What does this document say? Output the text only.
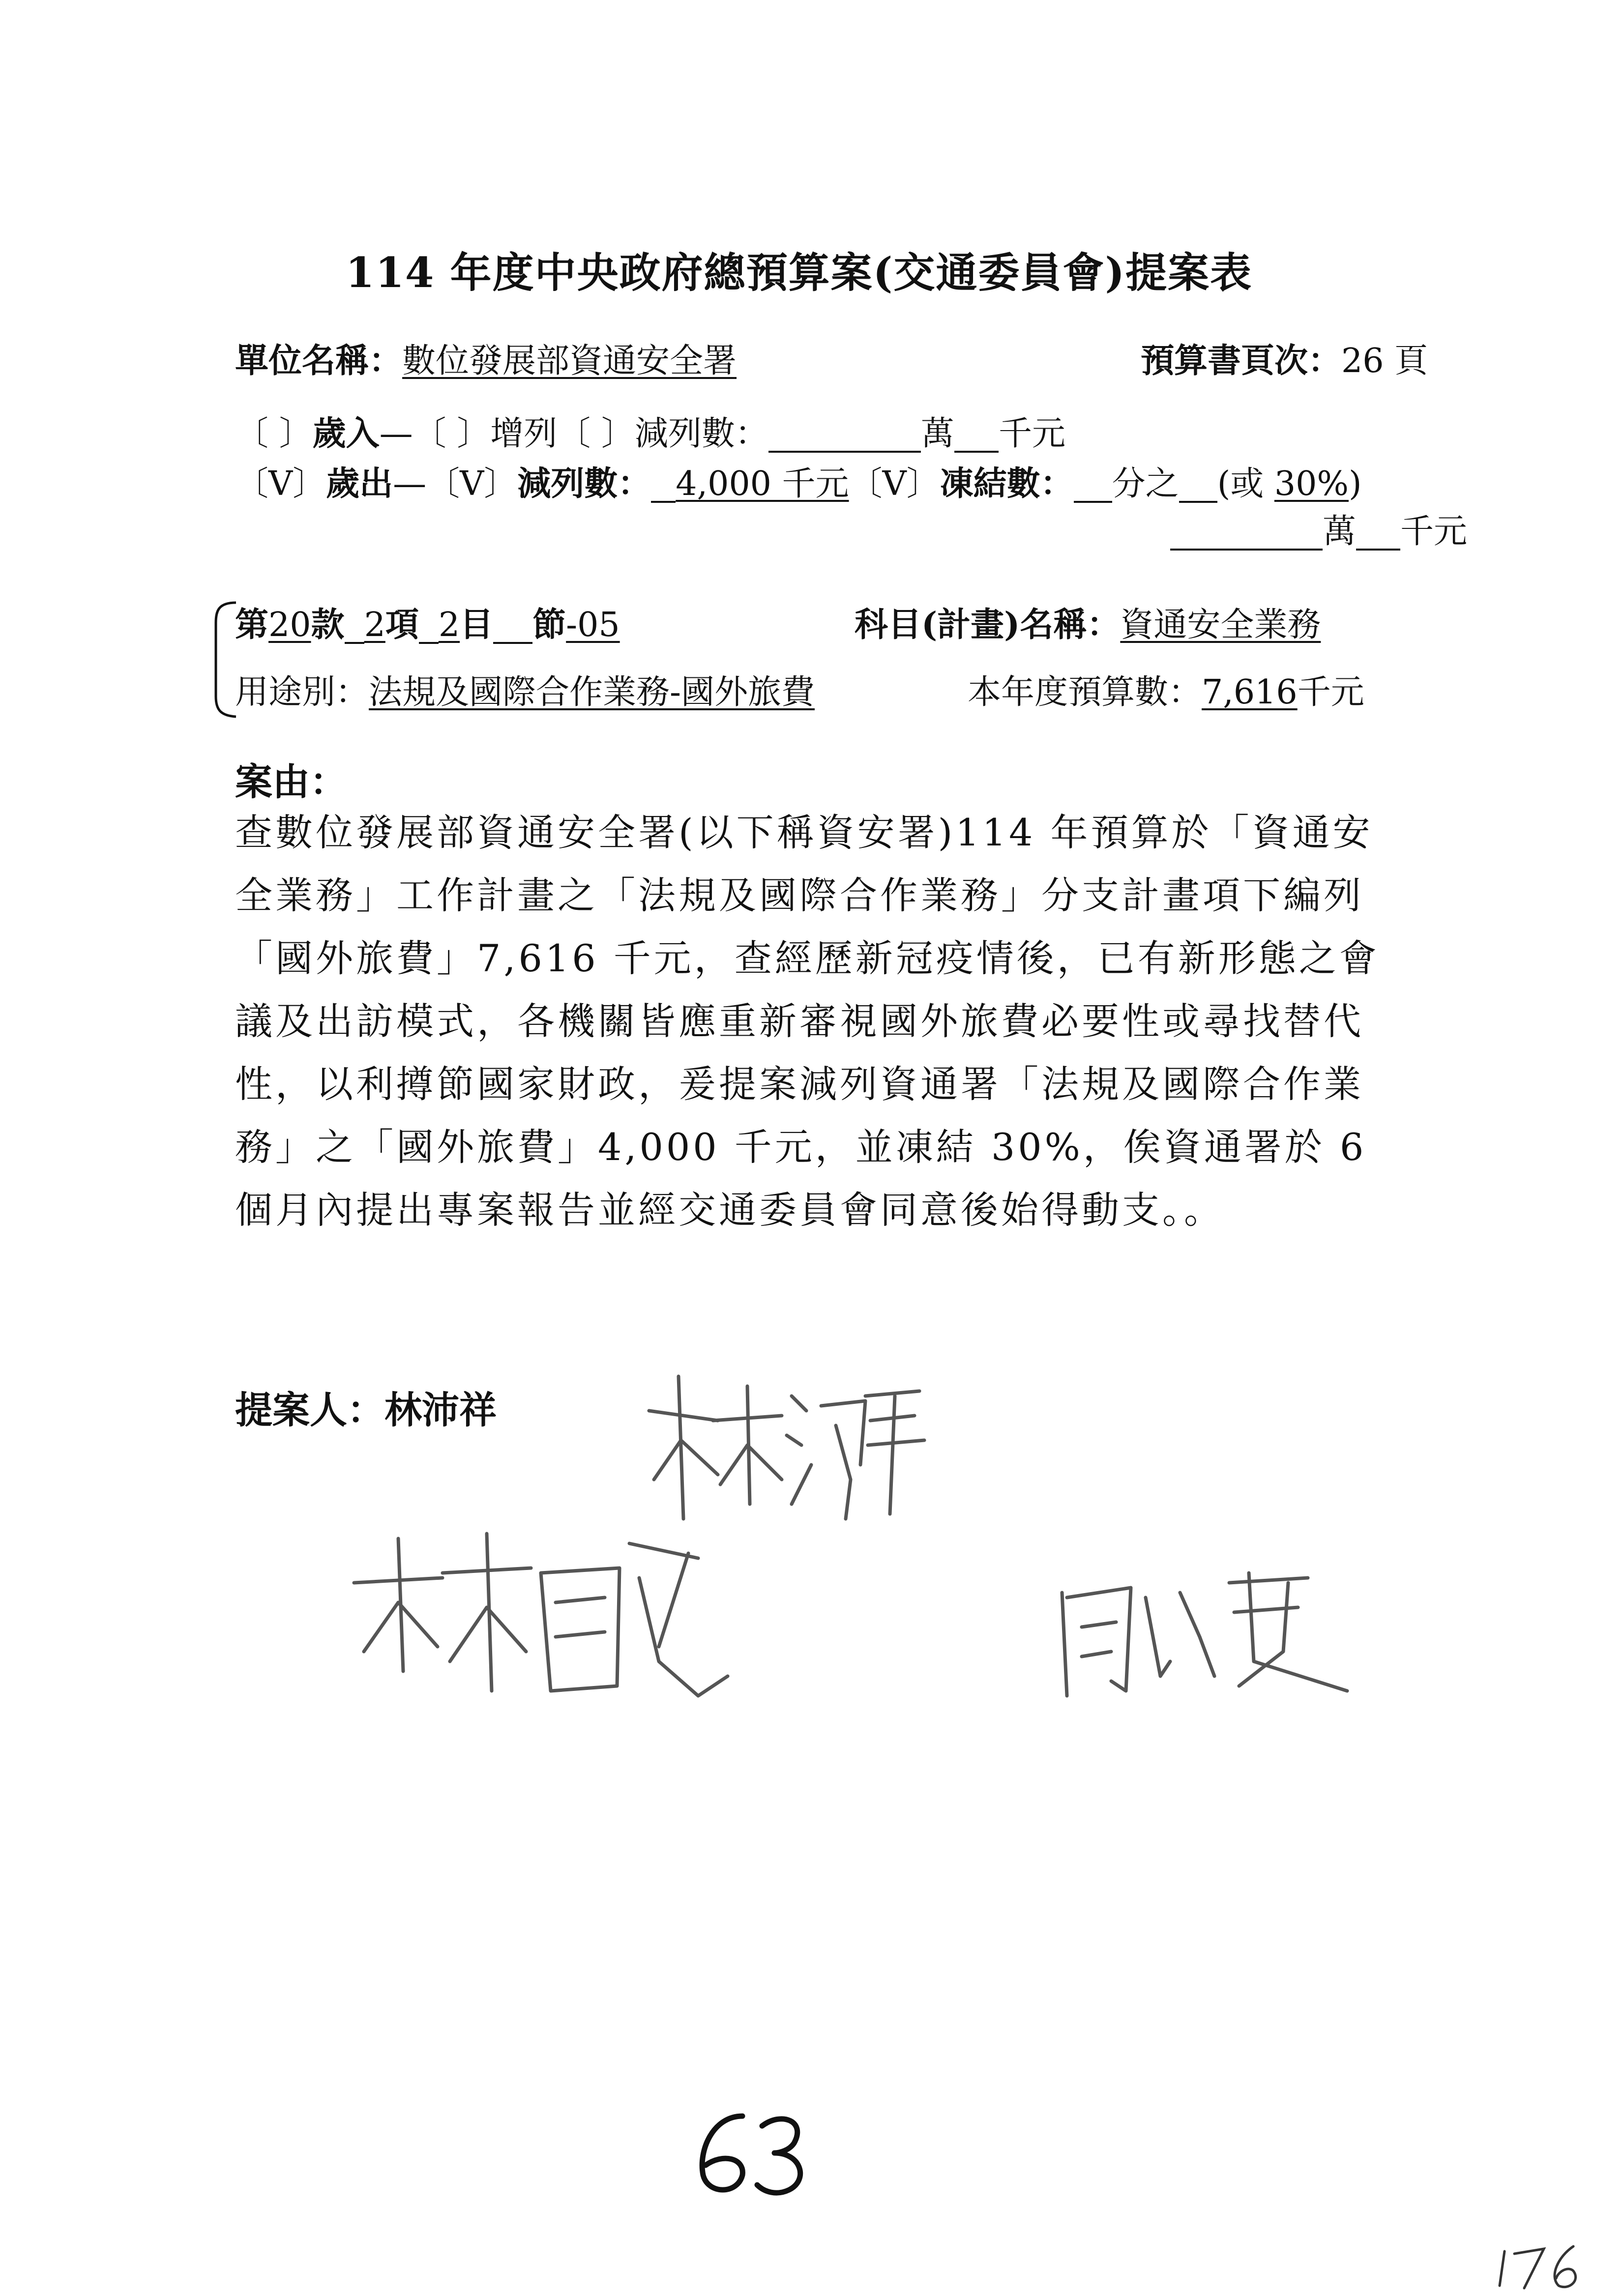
114 年度中央政府總預算案(交通委員會)提案表
單位名稱：數位發展部資通安全署	預算書頁次：26 頁
〔 〕歲入—〔 〕增列〔 〕減列數：	萬 千元
〔V〕歲出—〔V〕減列數： 4,000 千元〔V〕凍結數： 分之 (或 30%)
萬 千元
第20款 2項 2目 節-05	科目(計畫)名稱：資通安全業務
用途別：法規及國際合作業務-國外旅費	本年度預算數：7,616千元
案由：
查數位發展部資通安全署(以下稱資安署)114 年預算於「資通安全業務」工作計畫之「法規及國際合作業務」分支計畫項下編列「國外旅費」7,616 千元，查經歷新冠疫情後，已有新形態之會議及出訪模式，各機關皆應重新審視國外旅費必要性或尋找替代性，以利撙節國家財政，爰提案減列資通署「法規及國際合作業務」之「國外旅費」4,000 千元，並凍結 30%，俟資通署於 6 個月內提出專案報告並經交通委員會同意後始得動支。。
提案人：林沛祥
